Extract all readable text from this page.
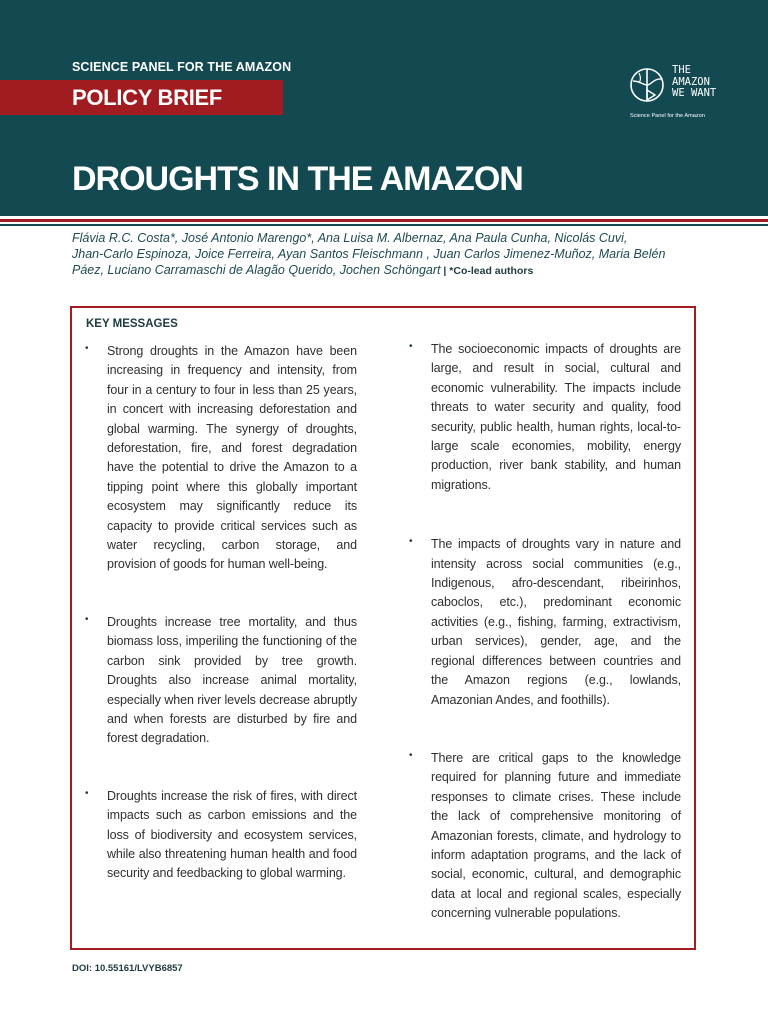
SCIENCE PANEL FOR THE AMAZON
POLICY BRIEF
DROUGHTS IN THE AMAZON
THE
AMAZON
WE WANT
Science Panel for the Amazon
Flávia R.C. Costa*, José Antonio Marengo*, Ana Luisa M. Albernaz, Ana Paula Cunha, Nicolás Cuvi,
Jhan-Carlo Espinoza, Joice Ferreira, Ayan Santos Fleischmann , Juan Carlos Jimenez-Muñoz, Maria Belén
Páez, Luciano Carramaschi de Alagão Querido, Jochen Schöngart | *Co-lead authors
KEY MESSAGES
• Strong droughts in the Amazon have been increasing in frequency and intensity, from four in a century to four in less than 25 years, in concert with increasing deforestation and global warming. The synergy of droughts, deforestation, fire, and forest degradation have the potential to drive the Amazon to a tipping point where this globally important ecosystem may significantly reduce its capacity to provide critical services such as water recycling, carbon storage, and provision of goods for human well-being.

• Droughts increase tree mortality, and thus biomass loss, imperiling the functioning of the carbon sink provided by tree growth. Droughts also increase animal mortality, especially when river levels decrease abruptly and when forests are disturbed by fire and forest degradation.

• Droughts increase the risk of fires, with direct impacts such as carbon emissions and the loss of biodiversity and ecosystem services, while also threatening human health and food security and feedbacking to global warming.

• The socioeconomic impacts of droughts are large, and result in social, cultural and economic vulnerability. The impacts include threats to water security and quality, food security, public health, human rights, local-to-large scale economies, mobility, energy production, river bank stability, and human migrations.

• The impacts of droughts vary in nature and intensity across social communities (e.g., Indigenous, afro-descendant, ribeirinhos, caboclos, etc.), predominant economic activities (e.g., fishing, farming, extractivism, urban services), gender, age, and the regional differences between countries and the Amazon regions (e.g., lowlands, Amazonian Andes, and foothills).

• There are critical gaps to the knowledge required for planning future and immediate responses to climate crises. These include the lack of comprehensive monitoring of Amazonian forests, climate, and hydrology to inform adaptation programs, and the lack of social, economic, cultural, and demographic data at local and regional scales, especially concerning vulnerable populations.

DOI: 10.55161/LVYB6857
